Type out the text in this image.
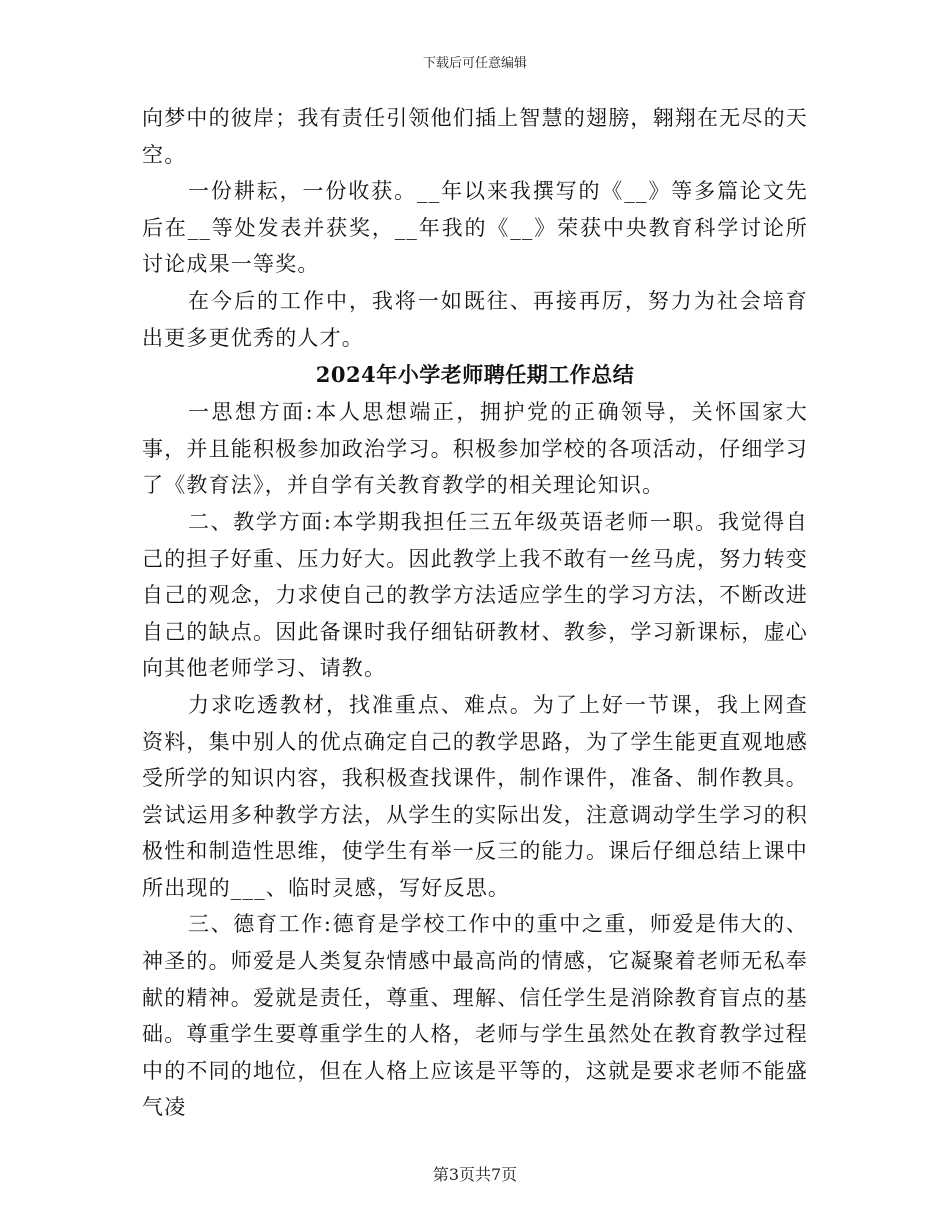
下载后可任意编辑

向梦中的彼岸；我有责任引领他们插上智慧的翅膀，翱翔在无尽的天空。

一份耕耘，一份收获。__年以来我撰写的《__》等多篇论文先后在__等处发表并获奖，__年我的《__》荣获中央教育科学讨论所讨论成果一等奖。

在今后的工作中，我将一如既往、再接再厉，努力为社会培育出更多更优秀的人才。

2024年小学老师聘任期工作总结

一思想方面:本人思想端正，拥护党的正确领导，关怀国家大事，并且能积极参加政治学习。积极参加学校的各项活动，仔细学习了《教育法》，并自学有关教育教学的相关理论知识。

二、教学方面:本学期我担任三五年级英语老师一职。我觉得自己的担子好重、压力好大。因此教学上我不敢有一丝马虎，努力转变自己的观念，力求使自己的教学方法适应学生的学习方法，不断改进自己的缺点。因此备课时我仔细钻研教材、教参，学习新课标，虚心向其他老师学习、请教。

力求吃透教材，找准重点、难点。为了上好一节课，我上网查资料，集中别人的优点确定自己的教学思路，为了学生能更直观地感受所学的知识内容，我积极查找课件，制作课件，准备、制作教具。尝试运用多种教学方法，从学生的实际出发，注意调动学生学习的积极性和制造性思维，使学生有举一反三的能力。课后仔细总结上课中所出现的___、临时灵感，写好反思。

三、德育工作:德育是学校工作中的重中之重，师爱是伟大的、神圣的。师爱是人类复杂情感中最高尚的情感，它凝聚着老师无私奉献的精神。爱就是责任，尊重、理解、信任学生是消除教育盲点的基础。尊重学生要尊重学生的人格，老师与学生虽然处在教育教学过程中的不同的地位，但在人格上应该是平等的，这就是要求老师不能盛气凌

第3页共7页
